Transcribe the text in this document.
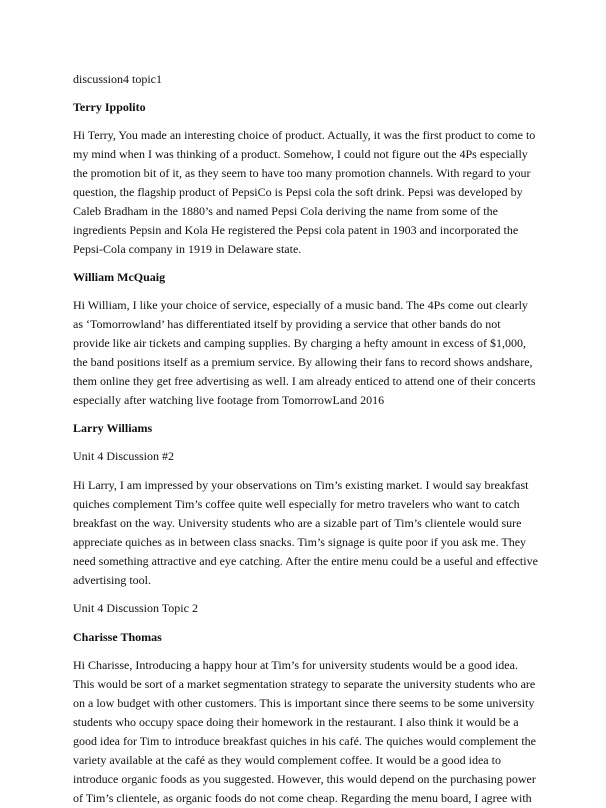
discussion4 topic1

Terry Ippolito

Hi Terry, You made an interesting choice of product. Actually, it was the first product to come to my mind when I was thinking of a product. Somehow, I could not figure out the 4Ps especially the promotion bit of it, as they seem to have too many promotion channels. With regard to your question, the flagship product of PepsiCo is Pepsi cola the soft drink. Pepsi was developed by Caleb Bradham in the 1880’s and named Pepsi Cola deriving the name from some of the ingredients Pepsin and Kola He registered the Pepsi cola patent in 1903 and incorporated the Pepsi-Cola company in 1919 in Delaware state.

William McQuaig

Hi William, I like your choice of service, especially of a music band. The 4Ps come out clearly as ‘Tomorrowland’ has differentiated itself by providing a service that other bands do not provide like air tickets and camping supplies. By charging a hefty amount in excess of $1,000, the band positions itself as a premium service. By allowing their fans to record shows andshare, them online they get free advertising as well. I am already enticed to attend one of their concerts especially after watching live footage from TomorrowLand 2016

Larry Williams

Unit 4 Discussion #2

Hi Larry, I am impressed by your observations on Tim’s existing market. I would say breakfast quiches complement Tim’s coffee quite well especially for metro travelers who want to catch breakfast on the way. University students who are a sizable part of Tim’s clientele would sure appreciate quiches as in between class snacks. Tim’s signage is quite poor if you ask me. They need something attractive and eye catching. After the entire menu could be a useful and effective advertising tool.

Unit 4 Discussion Topic 2

Charisse Thomas

Hi Charisse, Introducing a happy hour at Tim’s for university students would be a good idea. This would be sort of a market segmentation strategy to separate the university students who are on a low budget with other customers. This is important since there seems to be some university students who occupy space doing their homework in the restaurant. I also think it would be a good idea for Tim to introduce breakfast quiches in his café. The quiches would complement the variety available at the café as they would complement coffee. It would be a good idea to introduce organic foods as you suggested. However, this would depend on the purchasing power of Tim’s clientele, as organic foods do not come cheap. Regarding the menu board, I agree with
